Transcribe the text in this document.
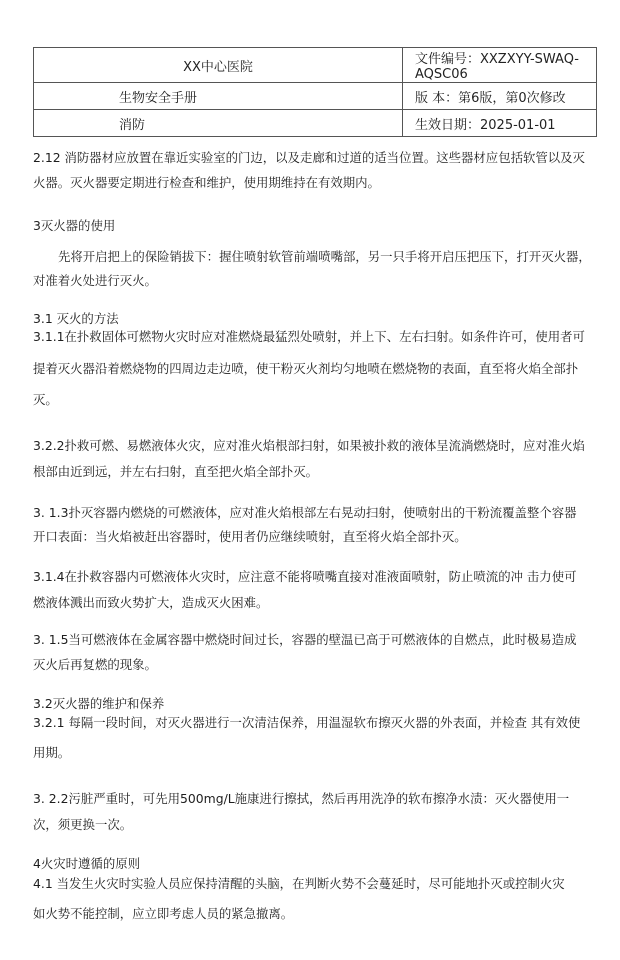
XX中心医院	文件编号：XXZXYY-SWAQ-AQSC06
生物安全手册	版 本：第6版，第0次修改
消防	生效日期：2025-01-01
2.12 消防器材应放置在靠近实验室的门边，以及走廊和过道的适当位置。这些器材应包括软管以及灭
火器。灭火器要定期进行检查和维护，使用期维持在有效期内。
3灭火器的使用
先将开启把上的保险销拔下：握住喷射软管前端喷嘴部，另一只手将开启压把压下，打开灭火器，
对准着火处进行灭火。
3.1 灭火的方法
3.1.1在扑救固体可燃物火灾时应对准燃烧最猛烈处喷射，并上下、左右扫射。如条件许可，使用者可
提着灭火器沿着燃烧物的四周边走边喷，使干粉灭火剂均匀地喷在燃烧物的表面，直至将火焰全部扑
灭。
3.2.2扑救可燃、易燃液体火灾，应对准火焰根部扫射，如果被扑救的液体呈流淌燃烧时，应对准火焰
根部由近到远，并左右扫射，直至把火焰全部扑灭。
3. 1.3扑灭容器内燃烧的可燃液体，应对准火焰根部左右晃动扫射，使喷射出的干粉流覆盖整个容器
开口表面：当火焰被赶出容器时，使用者仍应继续喷射，直至将火焰全部扑灭。
3.1.4在扑救容器内可燃液体火灾时，应注意不能将喷嘴直接对准液面喷射，防止喷流的冲 击力使可
燃液体溅出而致火势扩大，造成灭火困难。
3. 1.5当可燃液体在金属容器中燃烧时间过长，容器的壁温已高于可燃液体的自燃点，此时极易造成
灭火后再复燃的现象。
3.2灭火器的维护和保养
3.2.1 每隔一段时间，对灭火器进行一次清洁保养，用温湿软布擦灭火器的外表面，并检查 其有效使
用期。
3. 2.2污脏严重时，可先用500mg/L施康进行擦拭，然后再用洗净的软布擦净水渍：灭火器使用一
次，须更换一次。
4火灾时遵循的原则
4.1 当发生火灾时实验人员应保持清醒的头脑，在判断火势不会蔓延时，尽可能地扑灭或控制火灾
如火势不能控制，应立即考虑人员的紧急撤离。
